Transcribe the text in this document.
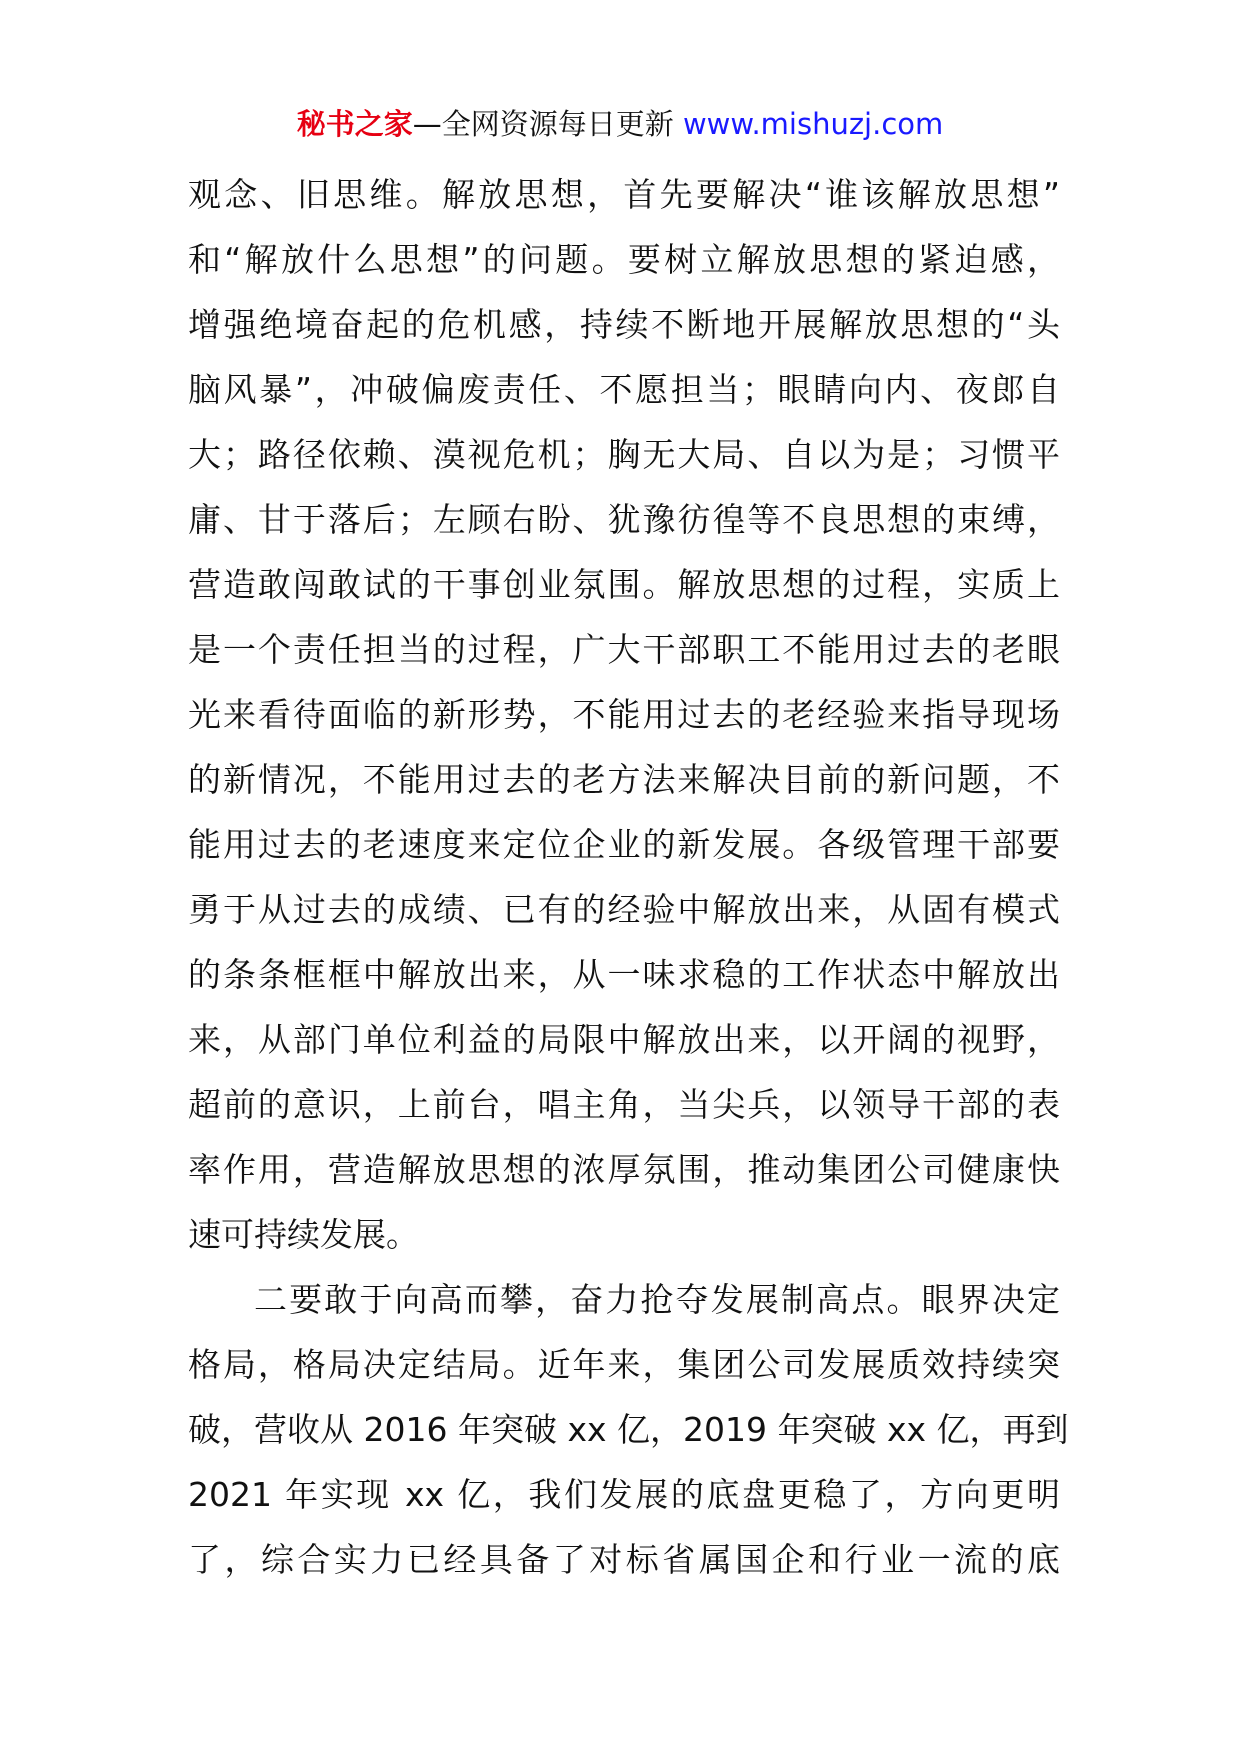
秘书之家—全网资源每日更新 www.mishuzj.com
观念、旧思维。解放思想，首先要解决“谁该解放思想”
和“解放什么思想”的问题。要树立解放思想的紧迫感，
增强绝境奋起的危机感，持续不断地开展解放思想的“头
脑风暴”，冲破偏废责任、不愿担当；眼睛向内、夜郎自
大；路径依赖、漠视危机；胸无大局、自以为是；习惯平
庸、甘于落后；左顾右盼、犹豫彷徨等不良思想的束缚，
营造敢闯敢试的干事创业氛围。解放思想的过程，实质上
是一个责任担当的过程，广大干部职工不能用过去的老眼
光来看待面临的新形势，不能用过去的老经验来指导现场
的新情况，不能用过去的老方法来解决目前的新问题，不
能用过去的老速度来定位企业的新发展。各级管理干部要
勇于从过去的成绩、已有的经验中解放出来，从固有模式
的条条框框中解放出来，从一味求稳的工作状态中解放出
来，从部门单位利益的局限中解放出来，以开阔的视野，
超前的意识，上前台，唱主角，当尖兵，以领导干部的表
率作用，营造解放思想的浓厚氛围，推动集团公司健康快
速可持续发展。
二要敢于向高而攀，奋力抢夺发展制高点。眼界决定
格局，格局决定结局。近年来，集团公司发展质效持续突
破，营收从 2016 年突破 xx 亿，2019 年突破 xx 亿，再到
2021 年实现 xx 亿，我们发展的底盘更稳了，方向更明
了，综合实力已经具备了对标省属国企和行业一流的底
